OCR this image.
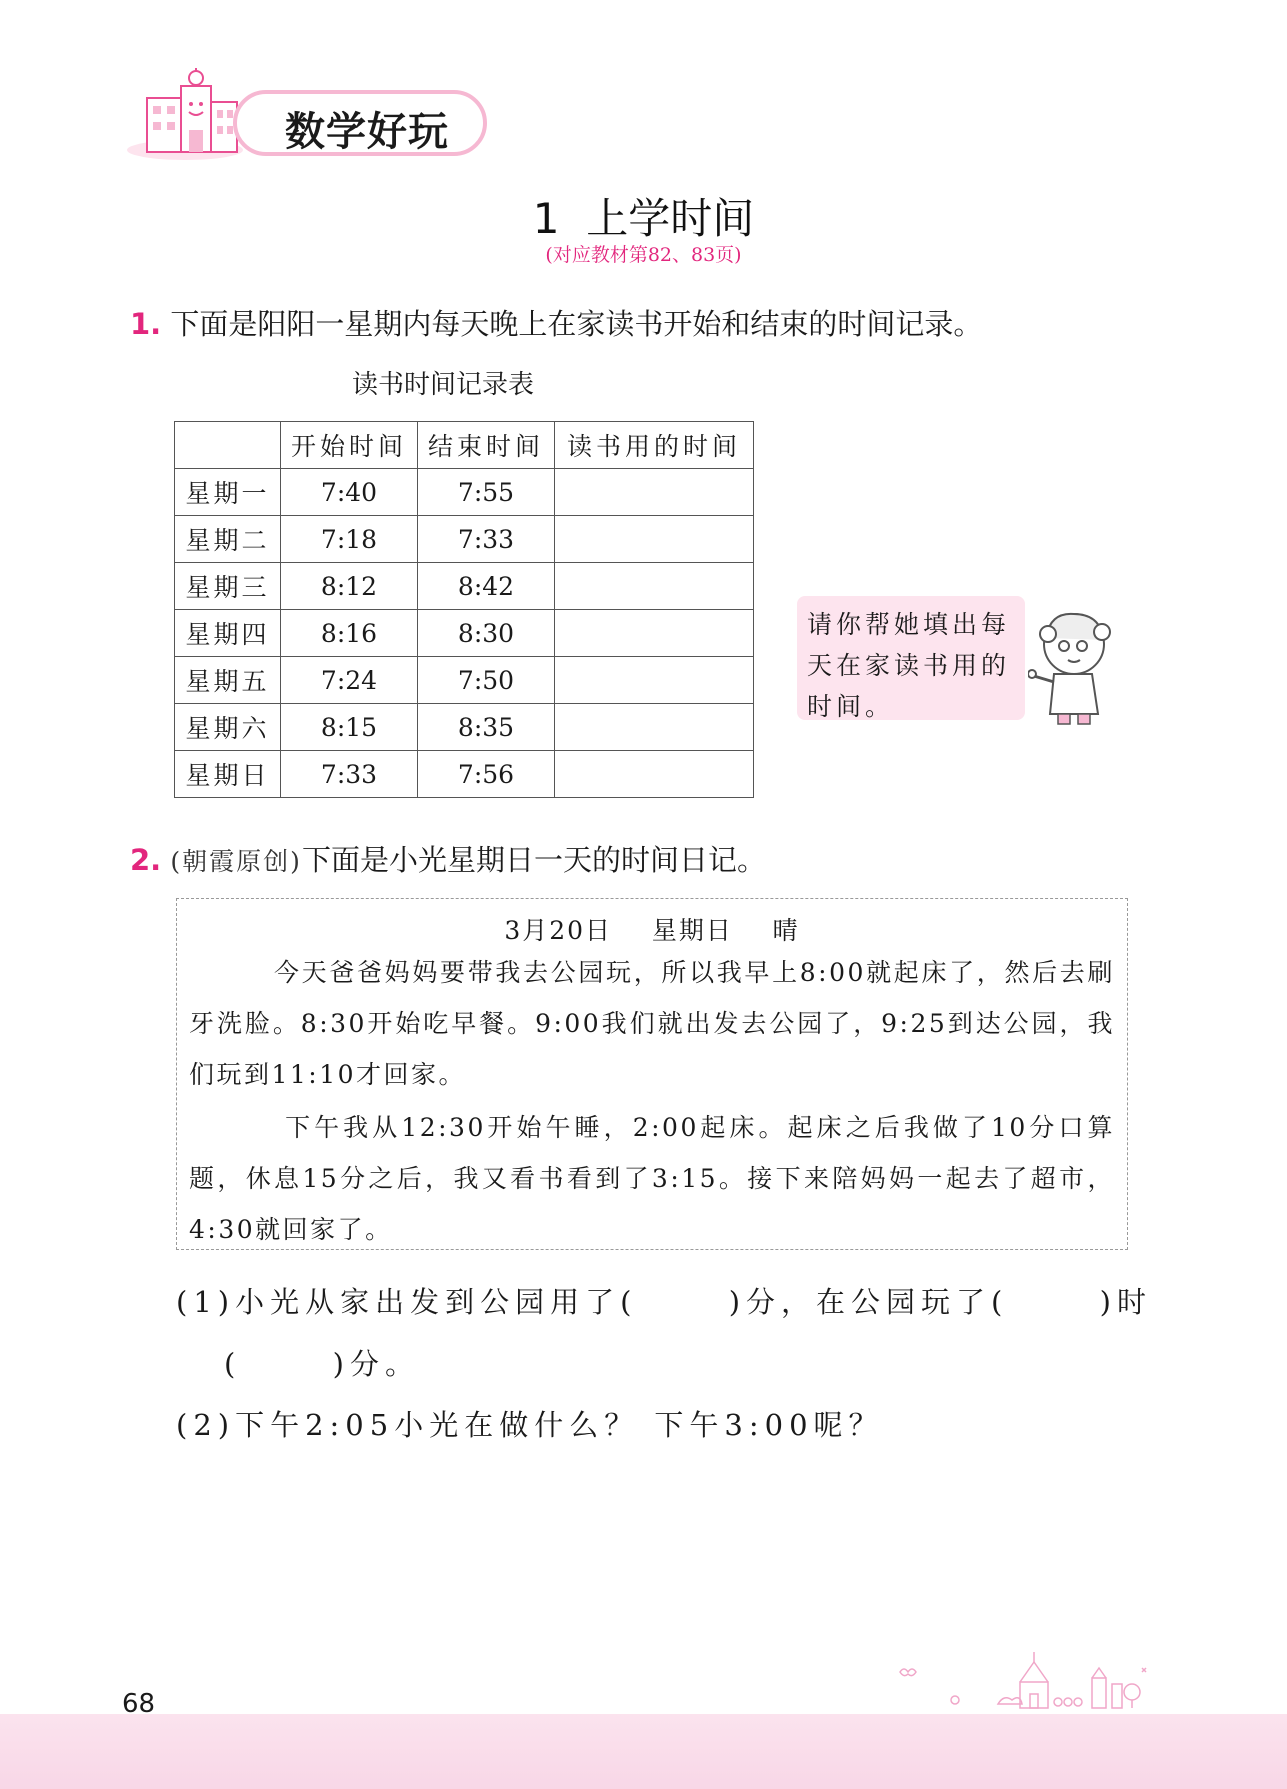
数学好玩
1  上学时间
(对应教材第82、83页)
1. 下面是阳阳一星期内每天晚上在家读书开始和结束的时间记录。
读书时间记录表
	开始时间	结束时间	读书用的时间
星期一	7:40	7:55	
星期二	7:18	7:33	
星期三	8:12	8:42	
星期四	8:16	8:30	
星期五	7:24	7:50	
星期六	8:15	8:35	
星期日	7:33	7:56	
请你帮她填出每
天在家读书用的
时间。
2. (朝霞原创)下面是小光星期日一天的时间日记。
3月20日    星期日    晴
今天爸爸妈妈要带我去公园玩，所以我早上8:00就起床了，然后去刷牙洗脸。8:30开始吃早餐。9:00我们就出发去公园了，9:25到达公园，我们玩到11:10才回家。
下午我从12:30开始午睡，2:00起床。起床之后我做了10分口算题，休息15分之后，我又看书看到了3:15。接下来陪妈妈一起去了超市，4:30就回家了。
(1)小光从家出发到公园用了(      )分，在公园玩了(      )时
(      )分。
(2)下午2:05小光在做什么？ 下午3:00呢？
68
